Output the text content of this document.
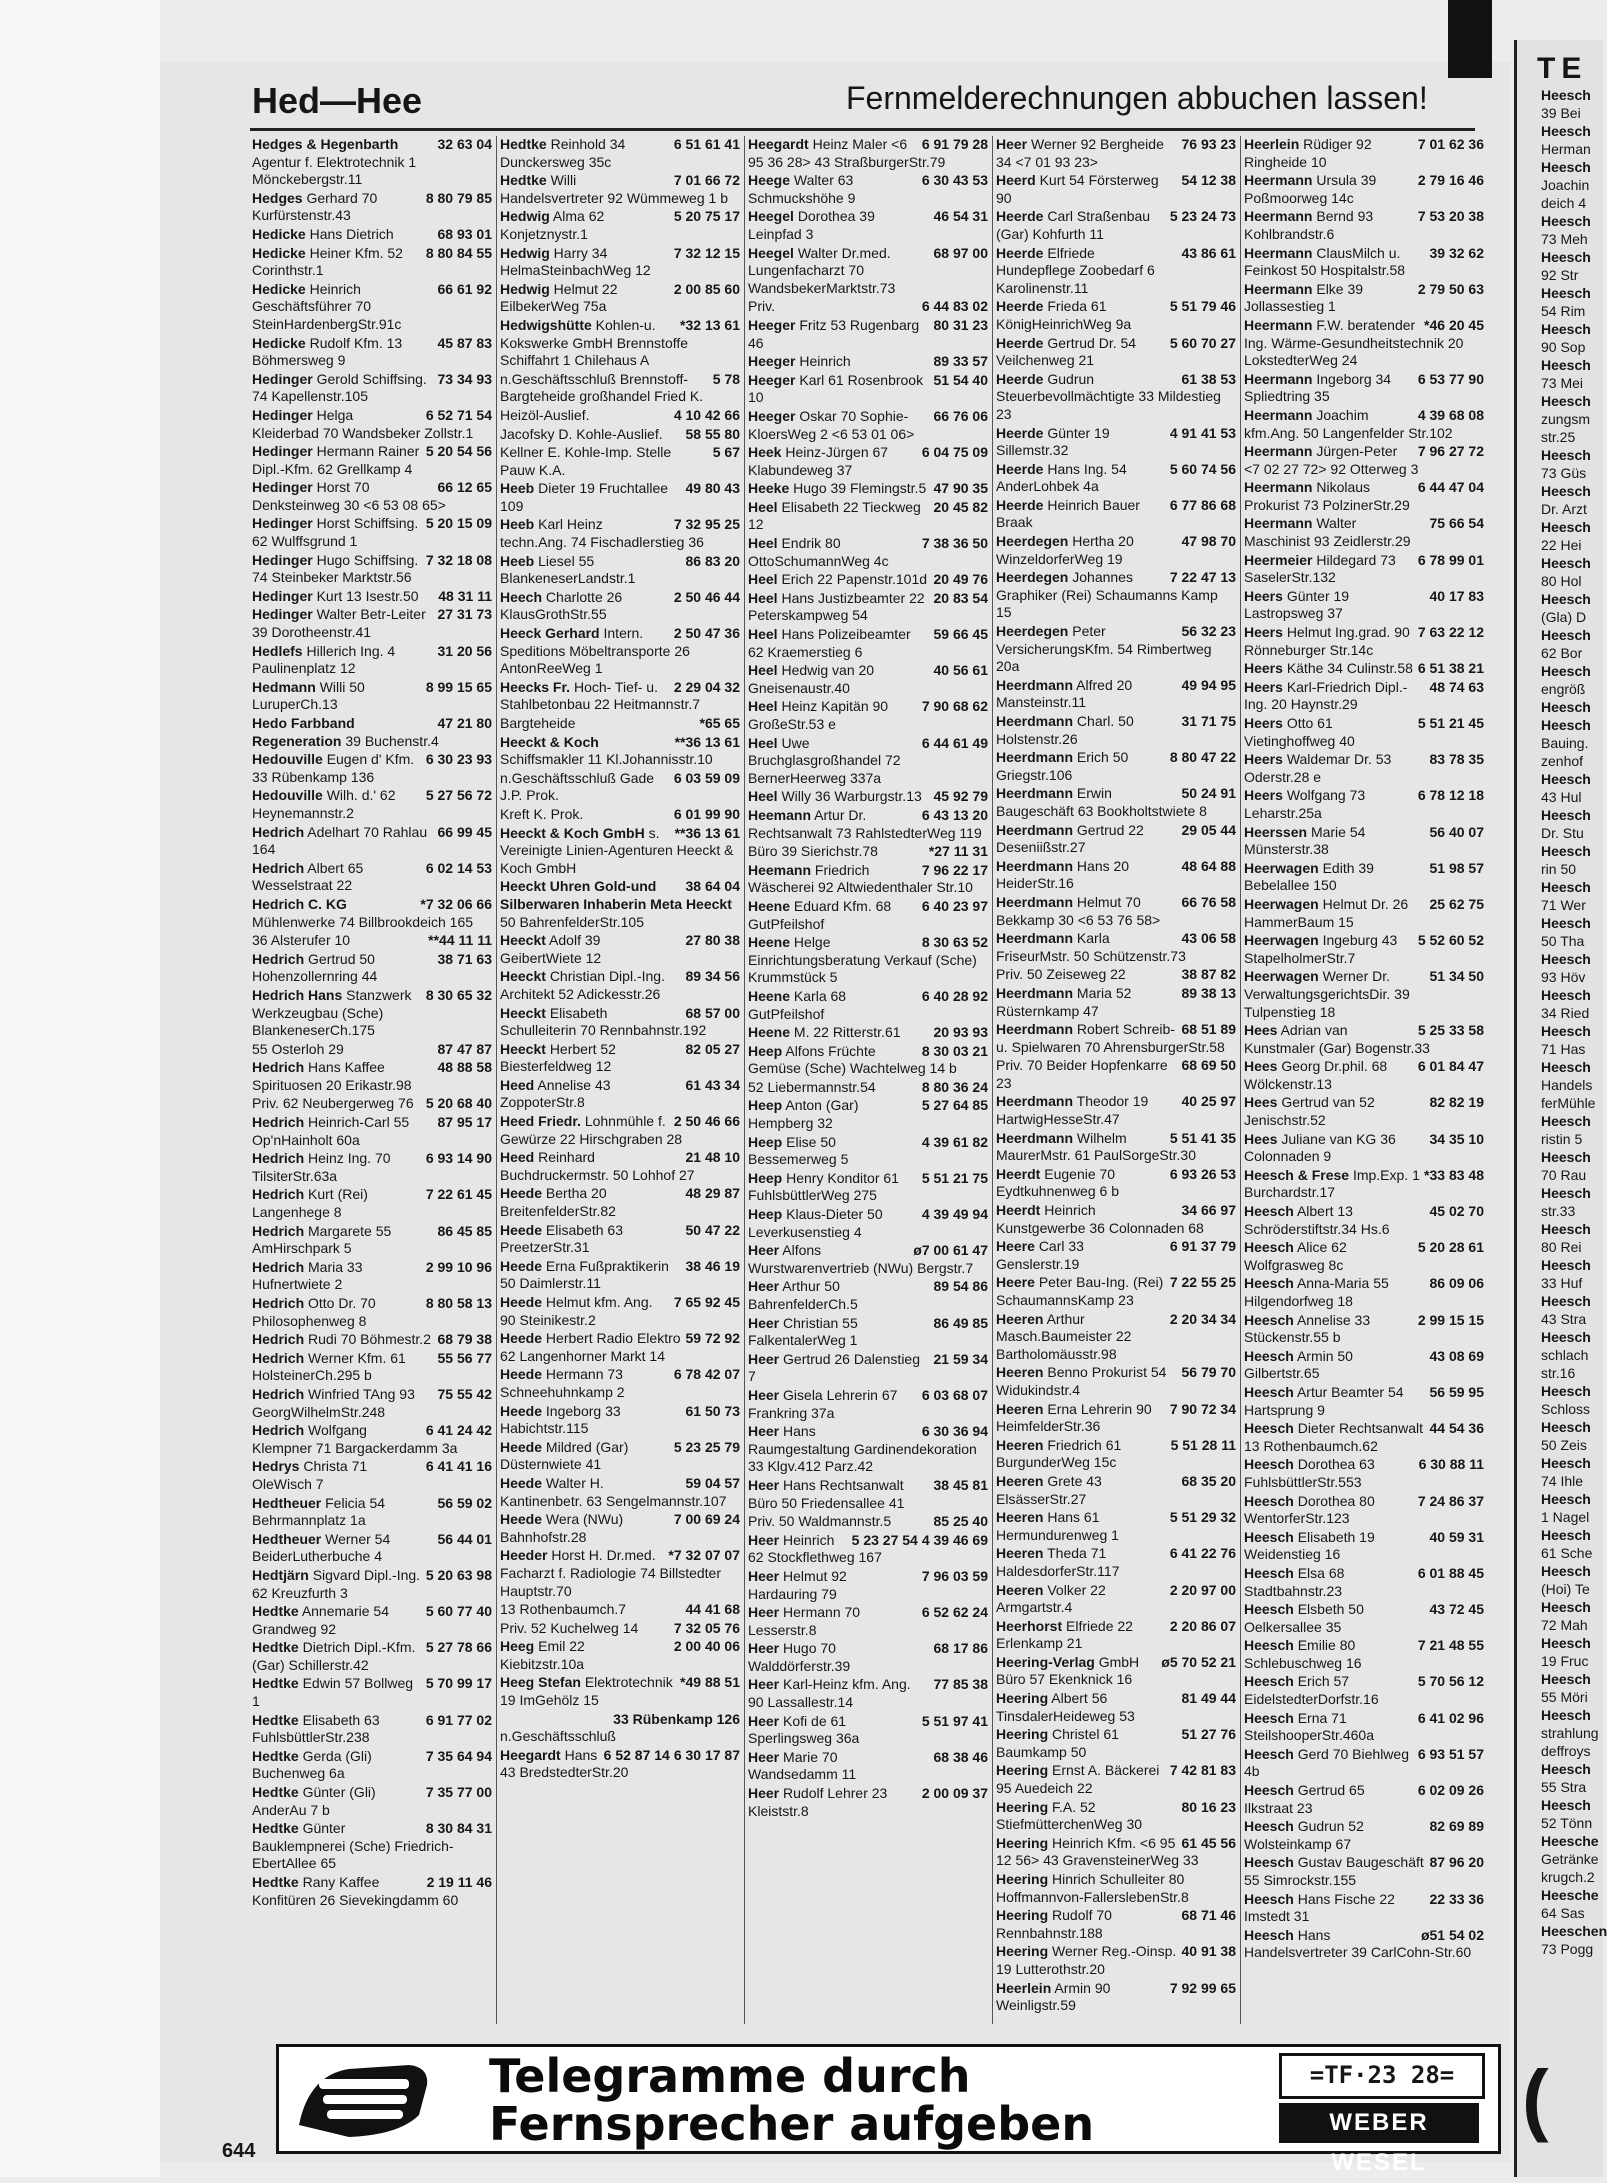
Hed—Hee	Fernmelderechnungen abbuchen lassen!
32 63 04
Hedges & Hegenbarth Agentur f. Elektrotechnik 1 Mönckebergstr.11
8 80 79 85
Hedges Gerhard 70 Kurfürstenstr.43
68 93 01
Hedicke Hans Dietrich
8 80 84 55
Hedicke Heiner Kfm. 52 Corinthstr.1
66 61 92
Hedicke Heinrich Geschäftsführer 70 SteinHardenbergStr.91c
45 87 83
Hedicke Rudolf Kfm. 13 Böhmersweg 9
73 34 93
Hedinger Gerold Schiffsing. 74 Kapellenstr.105
6 52 71 54
Hedinger Helga Kleiderbad 70 Wandsbeker Zollstr.1
5 20 54 56
Hedinger Hermann Rainer Dipl.-Kfm. 62 Grellkamp 4
66 12 65
Hedinger Horst 70 Denksteinweg 30 <6 53 08 65>
5 20 15 09
Hedinger Horst Schiffsing. 62 Wulffsgrund 1
7 32 18 08
Hedinger Hugo Schiffsing. 74 Steinbeker Marktstr.56
48 31 11
Hedinger Kurt 13 Isestr.50
27 31 73
Hedinger Walter Betr-Leiter 39 Dorotheenstr.41
31 20 56
Hedlefs Hillerich Ing. 4 Paulinenplatz 12
8 99 15 65
Hedmann Willi 50 LuruperCh.13
47 21 80
Hedo Farbband Regeneration 39 Buchenstr.4
6 30 23 93
Hedouville Eugen d' Kfm. 33 Rübenkamp 136
5 27 56 72
Hedouville Wilh. d.' 62 Heynemannstr.2
66 99 45
Hedrich Adelhart 70 Rahlau 164
6 02 14 53
Hedrich Albert 65 Wesselstraat 22
*7 32 06 66
Hedrich C. KG Mühlenwerke 74 Billbrookdeich 165
**44 11 11
36 Alsterufer 10
38 71 63
Hedrich Gertrud 50 Hohenzollernring 44
8 30 65 32
Hedrich Hans Stanzwerk Werkzeugbau (Sche) BlankeneserCh.175
87 47 87
55 Osterloh 29
48 88 58
Hedrich Hans Kaffee Spirituosen 20 Erikastr.98
5 20 68 40
Priv. 62 Neubergerweg 76
87 95 17
Hedrich Heinrich-Carl 55 Op'nHainholt 60a
6 93 14 90
Hedrich Heinz Ing. 70 TilsiterStr.63a
7 22 61 45
Hedrich Kurt (Rei) Langenhege 8
86 45 85
Hedrich Margarete 55 AmHirschpark 5
2 99 10 96
Hedrich Maria 33 Hufnertwiete 2
8 80 58 13
Hedrich Otto Dr. 70 Philosophenweg 8
68 79 38
Hedrich Rudi 70 Böhmestr.2
55 56 77
Hedrich Werner Kfm. 61 HolsteinerCh.295 b
75 55 42
Hedrich Winfried TAng 93 GeorgWilhelmStr.248
6 41 24 42
Hedrich Wolfgang Klempner 71 Bargackerdamm 3a
6 41 41 16
Hedrys Christa 71 OleWisch 7
56 59 02
Hedtheuer Felicia 54 Behrmannplatz 1a
56 44 01
Hedtheuer Werner 54 BeiderLutherbuche 4
5 20 63 98
Hedtjärn Sigvard Dipl.-Ing. 62 Kreuzfurth 3
5 60 77 40
Hedtke Annemarie 54 Grandweg 92
5 27 78 66
Hedtke Dietrich Dipl.-Kfm. (Gar) Schillerstr.42
5 70 99 17
Hedtke Edwin 57 Bollweg 1
6 91 77 02
Hedtke Elisabeth 63 FuhlsbüttlerStr.238
7 35 64 94
Hedtke Gerda (Gli) Buchenweg 6a
7 35 77 00
Hedtke Günter (Gli) AnderAu 7 b
8 30 84 31
Hedtke Günter Bauklempnerei (Sche) Friedrich-EbertAllee 65
2 19 11 46
Hedtke Rany Kaffee Konfitüren 26 Sievekingdamm 60
6 51 61 41
Hedtke Reinhold 34 Dunckersweg 35c
7 01 66 72
Hedtke Willi Handelsvertreter 92 Wümmeweg 1 b
5 20 75 17
Hedwig Alma 62 Konjetznystr.1
7 32 12 15
Hedwig Harry 34 HelmaSteinbachWeg 12
2 00 85 60
Hedwig Helmut 22 EilbekerWeg 75a
*32 13 61
Hedwigshütte Kohlen-u. Kokswerke GmbH Brennstoffe Schiffahrt 1 Chilehaus A
5 78
n.Geschäftsschluß Brennstoff- Bargteheide großhandel Fried K.
4 10 42 66
Heizöl-Auslief.
58 55 80
Jacofsky D. Kohle-Auslief.
5 67
Kellner E. Kohle-Imp. Stelle Pauw K.A.
49 80 43
Heeb Dieter 19 Fruchtallee 109
7 32 95 25
Heeb Karl Heinz techn.Ang. 74 Fischadlerstieg 36
86 83 20
Heeb Liesel 55 BlankeneserLandstr.1
2 50 46 44
Heech Charlotte 26 KlausGrothStr.55
2 50 47 36
Heeck Gerhard Intern. Speditions Möbeltransporte 26 AntonReeWeg 1
2 29 04 32
Heecks Fr. Hoch- Tief- u. Stahlbetonbau 22 Heitmannstr.7
*65 65
Bargteheide
**36 13 61
Heeckt & Koch Schiffsmakler 11 Kl.Johannisstr.10
6 03 59 09
n.Geschäftsschluß Gade J.P. Prok.
6 01 99 90
Kreft K. Prok.
**36 13 61
Heeckt & Koch GmbH s. Vereinigte Linien-Agenturen Heeckt & Koch GmbH
38 64 04
Heeckt Uhren Gold-und Silberwaren Inhaberin Meta Heeckt 50 BahrenfelderStr.105
27 80 38
Heeckt Adolf 39 GeibertWiete 12
89 34 56
Heeckt Christian Dipl.-Ing. Architekt 52 Adickesstr.26
68 57 00
Heeckt Elisabeth Schulleiterin 70 Rennbahnstr.192
82 05 27
Heeckt Herbert 52 Biesterfeldweg 12
61 43 34
Heed Annelise 43 ZoppoterStr.8
2 50 46 66
Heed Friedr. Lohnmühle f. Gewürze 22 Hirschgraben 28
21 48 10
Heed Reinhard Buchdruckermstr. 50 Lohhof 27
48 29 87
Heede Bertha 20 BreitenfelderStr.82
50 47 22
Heede Elisabeth 63 PreetzerStr.31
38 46 19
Heede Erna Fußpraktikerin 50 Daimlerstr.11
7 65 92 45
Heede Helmut kfm. Ang. 90 Steinikestr.2
59 72 92
Heede Herbert Radio Elektro 62 Langenhorner Markt 14
6 78 42 07
Heede Hermann 73 Schneehuhnkamp 2
61 50 73
Heede Ingeborg 33 Habichtstr.115
5 23 25 79
Heede Mildred (Gar) Düsternwiete 41
59 04 57
Heede Walter H. Kantinenbetr. 63 Sengelmannstr.107
7 00 69 24
Heede Wera (NWu) Bahnhofstr.28
*7 32 07 07
Heeder Horst H. Dr.med. Facharzt f. Radiologie 74 Billstedter Hauptstr.70
44 41 68
13 Rothenbaumch.7
7 32 05 76
Priv. 52 Kuchelweg 14
2 00 40 06
Heeg Emil 22 Kiebitzstr.10a
*49 88 51
Heeg Stefan Elektrotechnik 19 ImGehölz 15
33 Rübenkamp 126
n.Geschäftsschluß
6 30 17 87
6 52 87 14
Heegardt Hans 43 BredstedterStr.20
6 91 79 28
Heegardt Heinz Maler <6 95 36 28> 43 StraßburgerStr.79
6 30 43 53
Heege Walter 63 Schmuckshöhe 9
46 54 31
Heegel Dorothea 39 Leinpfad 3
68 97 00
Heegel Walter Dr.med. Lungenfacharzt 70 WandsbekerMarktstr.73
6 44 83 02
Priv.
80 31 23
Heeger Fritz 53 Rugenbarg 46
89 33 57
Heeger Heinrich
51 54 40
Heeger Karl 61 Rosenbrook 10
66 76 06
Heeger Oskar 70 Sophie-KloersWeg 2 <6 53 01 06>
6 04 75 09
Heek Heinz-Jürgen 67 Klabundeweg 37
47 90 35
Heeke Hugo 39 Flemingstr.5
20 45 82
Heel Elisabeth 22 Tieckweg 12
7 38 36 50
Heel Endrik 80 OttoSchumannWeg 4c
20 49 76
Heel Erich 22 Papenstr.101d
20 83 54
Heel Hans Justizbeamter 22 Peterskampweg 54
59 66 45
Heel Hans Polizeibeamter 62 Kraemerstieg 6
40 56 61
Heel Hedwig van 20 Gneisenaustr.40
7 90 68 62
Heel Heinz Kapitän 90 GroßeStr.53 e
6 44 61 49
Heel Uwe Bruchglasgroßhandel 72 BernerHeerweg 337a
45 92 79
Heel Willy 36 Warburgstr.13
6 43 13 20
Heemann Artur Dr. Rechtsanwalt 73 RahlstedterWeg 119
*27 11 31
Büro 39 Sierichstr.78
7 96 22 17
Heemann Friedrich Wäscherei 92 Altwiedenthaler Str.10
6 40 23 97
Heene Eduard Kfm. 68 GutPfeilshof
8 30 63 52
Heene Helge Einrichtungsberatung Verkauf (Sche) Krummstück 5
6 40 28 92
Heene Karla 68 GutPfeilshof
20 93 93
Heene M. 22 Ritterstr.61
8 30 03 21
Heep Alfons Früchte Gemüse (Sche) Wachtelweg 14 b
8 80 36 24
52 Liebermannstr.54
5 27 64 85
Heep Anton (Gar) Hempberg 32
4 39 61 82
Heep Elise 50 Bessemerweg 5
5 51 21 75
Heep Henry Konditor 61 FuhlsbüttlerWeg 275
4 39 49 94
Heep Klaus-Dieter 50 Leverkusenstieg 4
ø7 00 61 47
Heer Alfons Wurstwarenvertrieb (NWu) Bergstr.7
89 54 86
Heer Arthur 50 BahrenfelderCh.5
86 49 85
Heer Christian 55 FalkentalerWeg 1
21 59 34
Heer Gertrud 26 Dalenstieg 7
6 03 68 07
Heer Gisela Lehrerin 67 Frankring 37a
6 30 36 94
Heer Hans Raumgestaltung Gardinendekoration 33 Klgv.412 Parz.42
38 45 81
Heer Hans Rechtsanwalt Büro 50 Friedensallee 41
85 25 40
Priv. 50 Waldmannstr.5
4 39 46 69
5 23 27 54
Heer Heinrich 62 Stockflethweg 167
7 96 03 59
Heer Helmut 92 Hardauring 79
6 52 62 24
Heer Hermann 70 Lesserstr.8
68 17 86
Heer Hugo 70 Walddörferstr.39
77 85 38
Heer Karl-Heinz kfm. Ang. 90 Lassallestr.14
5 51 97 41
Heer Kofi de 61 Sperlingsweg 36a
68 38 46
Heer Marie 70 Wandsedamm 11
2 00 09 37
Heer Rudolf Lehrer 23 Kleiststr.8
76 93 23
Heer Werner 92 Bergheide 34 <7 01 93 23>
54 12 38
Heerd Kurt 54 Försterweg 90
5 23 24 73
Heerde Carl Straßenbau (Gar) Kohfurth 11
43 86 61
Heerde Elfriede Hundepflege Zoobedarf 6 Karolinenstr.11
5 51 79 46
Heerde Frieda 61 KönigHeinrichWeg 9a
5 60 70 27
Heerde Gertrud Dr. 54 Veilchenweg 21
61 38 53
Heerde Gudrun Steuerbevollmächtigte 33 Mildestieg 23
4 91 41 53
Heerde Günter 19 Sillemstr.32
5 60 74 56
Heerde Hans Ing. 54 AnderLohbek 4a
6 77 86 68
Heerde Heinrich Bauer Braak
47 98 70
Heerdegen Hertha 20 WinzeldorferWeg 19
7 22 47 13
Heerdegen Johannes Graphiker (Rei) Schaumanns Kamp 15
56 32 23
Heerdegen Peter VersicherungsKfm. 54 Rimbertweg 20a
49 94 95
Heerdmann Alfred 20 Mansteinstr.11
31 71 75
Heerdmann Charl. 50 Holstenstr.26
8 80 47 22
Heerdmann Erich 50 Griegstr.106
50 24 91
Heerdmann Erwin Baugeschäft 63 Bookholtstwiete 8
29 05 44
Heerdmann Gertrud 22 Deseniißstr.27
48 64 88
Heerdmann Hans 20 HeiderStr.16
66 76 58
Heerdmann Helmut 70 Bekkamp 30 <6 53 76 58>
43 06 58
Heerdmann Karla FriseurMstr. 50 Schützenstr.73
38 87 82
Priv. 50 Zeiseweg 22
89 38 13
Heerdmann Maria 52 Rüsternkamp 47
68 51 89
Heerdmann Robert Schreib- u. Spielwaren 70 AhrensburgerStr.58
68 69 50
Priv. 70 Beider Hopfenkarre 23
40 25 97
Heerdmann Theodor 19 HartwigHesseStr.47
5 51 41 35
Heerdmann Wilhelm MaurerMstr. 61 PaulSorgeStr.30
6 93 26 53
Heerdt Eugenie 70 Eydtkuhnenweg 6 b
34 66 97
Heerdt Heinrich Kunstgewerbe 36 Colonnaden 68
6 91 37 79
Heere Carl 33 Genslerstr.19
7 22 55 25
Heere Peter Bau-Ing. (Rei) SchaumannsKamp 23
2 20 34 34
Heeren Arthur Masch.Baumeister 22 Bartholomäusstr.98
56 79 70
Heeren Benno Prokurist 54 Widukindstr.4
7 90 72 34
Heeren Erna Lehrerin 90 HeimfelderStr.36
5 51 28 11
Heeren Friedrich 61 BurgunderWeg 15c
68 35 20
Heeren Grete 43 ElsässerStr.27
5 51 29 32
Heeren Hans 61 Hermundurenweg 1
6 41 22 76
Heeren Theda 71 HaldesdorferStr.117
2 20 97 00
Heeren Volker 22 Armgartstr.4
2 20 86 07
Heerhorst Elfriede 22 Erlenkamp 21
ø5 70 52 21
Heering-Verlag GmbH Büro 57 Ekenknick 16
81 49 44
Heering Albert 56 TinsdalerHeideweg 53
51 27 76
Heering Christel 61 Baumkamp 50
7 42 81 83
Heering Ernst A. Bäckerei 95 Auedeich 22
80 16 23
Heering F.A. 52 StiefmütterchenWeg 30
61 45 56
Heering Heinrich Kfm. <6 95 12 56> 43 GravensteinerWeg 33
Heering Hinrich Schulleiter 80 Hoffmannvon-FallerslebenStr.8
68 71 46
Heering Rudolf 70 Rennbahnstr.188
40 91 38
Heering Werner Reg.-Oinsp. 19 Lutterothstr.20
7 92 99 65
Heerlein Armin 90 Weinligstr.59
7 01 62 36
Heerlein Rüdiger 92 Ringheide 10
2 79 16 46
Heermann Ursula 39 Poßmoorweg 14c
7 53 20 38
Heermann Bernd 93 Kohlbrandstr.6
39 32 62
Heermann ClausMilch u. Feinkost 50 Hospitalstr.58
2 79 50 63
Heermann Elke 39 Jollassestieg 1
*46 20 45
Heermann F.W. beratender Ing. Wärme-Gesundheitstechnik 20 LokstedterWeg 24
6 53 77 90
Heermann Ingeborg 34 Spliedtring 35
4 39 68 08
Heermann Joachim kfm.Ang. 50 Langenfelder Str.102
7 96 27 72
Heermann Jürgen-Peter <7 02 27 72> 92 Otterweg 3
6 44 47 04
Heermann Nikolaus Prokurist 73 PolzinerStr.29
75 66 54
Heermann Walter Maschinist 93 Zeidlerstr.29
6 78 99 01
Heermeier Hildegard 73 SaselerStr.132
40 17 83
Heers Günter 19 Lastropsweg 37
7 63 22 12
Heers Helmut Ing.grad. 90 Rönneburger Str.14c
6 51 38 21
Heers Käthe 34 Culinstr.58
48 74 63
Heers Karl-Friedrich Dipl.-Ing. 20 Haynstr.29
5 51 21 45
Heers Otto 61 Vietinghoffweg 40
83 78 35
Heers Waldemar Dr. 53 Oderstr.28 e
6 78 12 18
Heers Wolfgang 73 Leharstr.25a
56 40 07
Heerssen Marie 54 Münsterstr.38
51 98 57
Heerwagen Edith 39 Bebelallee 150
25 62 75
Heerwagen Helmut Dr. 26 HammerBaum 15
5 52 60 52
Heerwagen Ingeburg 43 StapelholmerStr.7
51 34 50
Heerwagen Werner Dr. VerwaltungsgerichtsDir. 39 Tulpenstieg 18
5 25 33 58
Hees Adrian van Kunstmaler (Gar) Bogenstr.33
6 01 84 47
Hees Georg Dr.phil. 68 Wölckenstr.13
82 82 19
Hees Gertrud van 52 Jenischstr.52
34 35 10
Hees Juliane van KG 36 Colonnaden 9
*33 83 48
Heesch & Frese Imp.Exp. 1 Burchardstr.17
45 02 70
Heesch Albert 13 Schröderstiftstr.34 Hs.6
5 20 28 61
Heesch Alice 62 Wolfgrasweg 8c
86 09 06
Heesch Anna-Maria 55 Hilgendorfweg 18
2 99 15 15
Heesch Annelise 33 Stückenstr.55 b
43 08 69
Heesch Armin 50 Gilbertstr.65
56 59 95
Heesch Artur Beamter 54 Hartsprung 9
44 54 36
Heesch Dieter Rechtsanwalt 13 Rothenbaumch.62
6 30 88 11
Heesch Dorothea 63 FuhlsbüttlerStr.553
7 24 86 37
Heesch Dorothea 80 WentorferStr.123
40 59 31
Heesch Elisabeth 19 Weidenstieg 16
6 01 88 45
Heesch Elsa 68 Stadtbahnstr.23
43 72 45
Heesch Elsbeth 50 Oelkersallee 35
7 21 48 55
Heesch Emilie 80 Schlebuschweg 16
5 70 56 12
Heesch Erich 57 EidelstedterDorfstr.16
6 41 02 96
Heesch Erna 71 SteilshooperStr.460a
6 93 51 57
Heesch Gerd 70 Biehlweg 4b
6 02 09 26
Heesch Gertrud 65 Ilkstraat 23
82 69 89
Heesch Gudrun 52 Wolsteinkamp 67
87 96 20
Heesch Gustav Baugeschäft 55 Simrockstr.155
22 33 36
Heesch Hans Fische 22 Imstedt 31
ø51 54 02
Heesch Hans Handelsvertreter 39 CarlCohn-Str.60
TE
Heesch
39 Bei
Heesch
Herman
Heesch
Joachin
deich 4
Heesch
73 Meh
Heesch
92 Str
Heesch
54 Rim
Heesch
90 Sop
Heesch
73 Mei
Heesch
zungsm
str.25
Heesch
73 Güs
Heesch
Dr. Arzt
Heesch
22 Hei
Heesch
80 Hol
Heesch
(Gla) D
Heesch
62 Bor
Heesch
engröß
Heesch
Heesch
Bauing.
zenhof
Heesch
43 Hul
Heesch
Dr. Stu
Heesch
rin 50
Heesch
71 Wer
Heesch
50 Tha
Heesch
93 Höv
Heesch
34 Ried
Heesch
71 Has
Heesch
Handels
ferMühle
Heesch
ristin 5
Heesch
70 Rau
Heesch
str.33
Heesch
80 Rei
Heesch
33 Huf
Heesch
43 Stra
Heesch
schlach
str.16
Heesch
Schloss
Heesch
50 Zeis
Heesch
74 Ihle
Heesch
1 Nagel
Heesch
61 Sche
Heesch
(Hoi) Te
Heesch
72 Mah
Heesch
19 Fruc
Heesch
55 Möri
Heesch
strahlung
deffroys
Heesch
55 Stra
Heesch
52 Tönn
Heesche
Getränke
krugch.2
Heesche
64 Sas
Heeschen
73 Pogg
Telegramme durch
Fernsprecher aufgeben
=TF·23 28=
WEBER WESEL
(
644
